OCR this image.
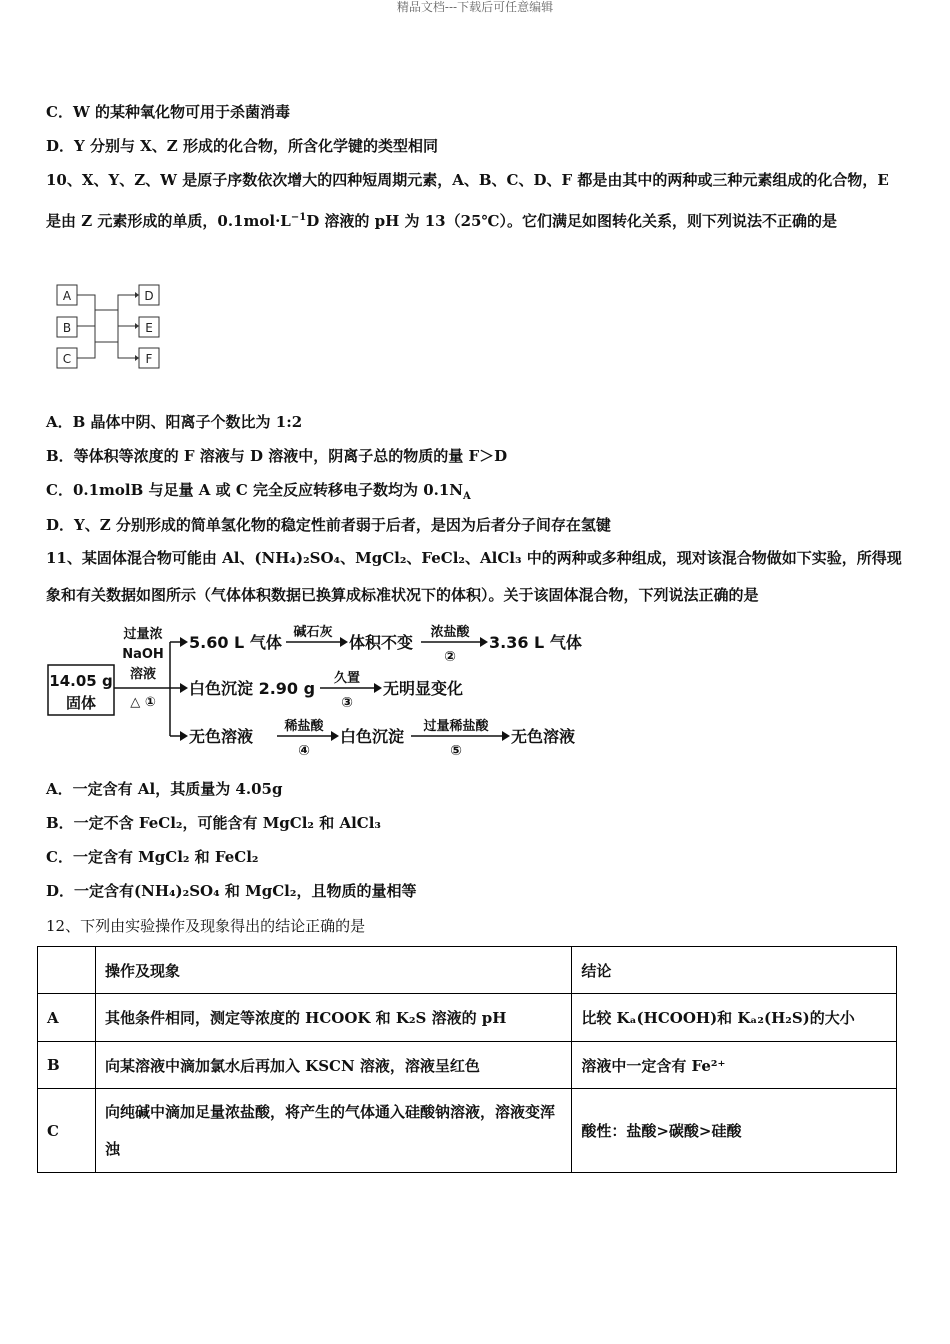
精品文档---下载后可任意编辑
C．W 的某种氧化物可用于杀菌消毒
D．Y 分别与 X、Z 形成的化合物，所含化学键的类型相同
10、X、Y、Z、W 是原子序数依次增大的四种短周期元素，A、B、C、D、F 都是由其中的两种或三种元素组成的化合物，E 是由 Z 元素形成的单质，$0.1mol\cdot L^{-1}D$ 溶液的 pH 为 13（25℃）。它们满足如图转化关系，则下列说法不正确的是
A
B
C
D
E
F
A．B 晶体中阴、阳离子个数比为 1:2
B．等体积等浓度的 F 溶液与 D 溶液中，阴离子总的物质的量 F＞D
C．0.1molB 与足量 A 或 C 完全反应转移电子数均为 $0.1N_A$
D．Y、Z 分别形成的简单氢化物的稳定性前者弱于后者，是因为后者分子间存在氢键
11、某固体混合物可能由 Al、(NH₄)₂SO₄、MgCl₂、FeCl₂、AlCl₃ 中的两种或多种组成，现对该混合物做如下实验，所得现象和有关数据如图所示（气体体积数据已换算成标准状况下的体积）。关于该固体混合物，下列说法正确的是
14.05 g
固体
过量浓
NaOH
溶液
△ ①
5.60 L 气体
碱石灰
体积不变
浓盐酸
②
3.36 L 气体
白色沉淀 2.90 g
久置
③
无明显变化
无色溶液
稀盐酸
④
白色沉淀
过量稀盐酸
⑤
无色溶液
A．一定含有 Al，其质量为 4.05g
B．一定不含 FeCl₂，可能含有 MgCl₂ 和 AlCl₃
C．一定含有 MgCl₂ 和 FeCl₂
D．一定含有(NH₄)₂SO₄ 和 MgCl₂，且物质的量相等
12、下列由实验操作及现象得出的结论正确的是
	操作及现象	结论
A	其他条件相同，测定等浓度的 HCOOK 和 K₂S 溶液的 pH	比较 Kₐ(HCOOH)和 Kₐ₂(H₂S)的大小
B	向某溶液中滴加氯水后再加入 KSCN 溶液，溶液呈红色	溶液中一定含有 Fe²⁺
C	向纯碱中滴加足量浓盐酸，将产生的气体通入硅酸钠溶液，溶液变浑浊	酸性：盐酸>碳酸>硅酸
